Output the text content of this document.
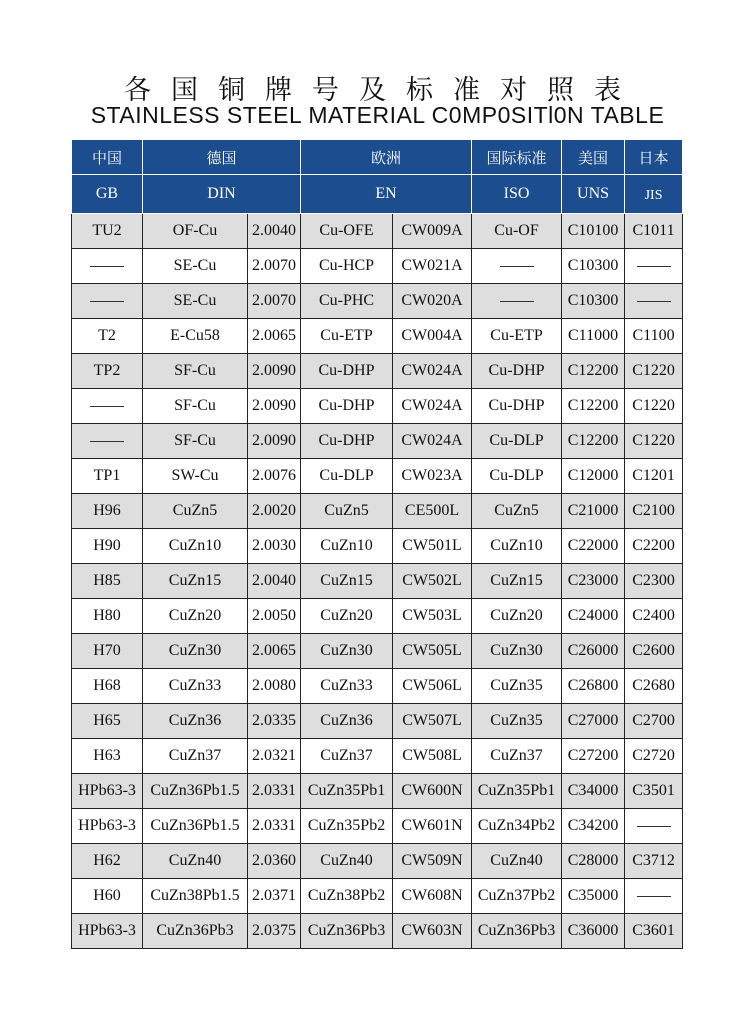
各国铜牌号及标准对照表
STAINLESS STEEL MATERIAL C0MP0SITl0N TABLE
中国	德国		欧洲		国际标准	美国	日本
GB	DIN		EN		ISO	UNS	JIS
TU2	OF-Cu	2.0040	Cu-OFE	CW009A	Cu-OF	C10100	C1011
	SE-Cu	2.0070	Cu-HCP	CW021A		C10300	
	SE-Cu	2.0070	Cu-PHC	CW020A		C10300	
T2	E-Cu58	2.0065	Cu-ETP	CW004A	Cu-ETP	C11000	C1100
TP2	SF-Cu	2.0090	Cu-DHP	CW024A	Cu-DHP	C12200	C1220
	SF-Cu	2.0090	Cu-DHP	CW024A	Cu-DHP	C12200	C1220
	SF-Cu	2.0090	Cu-DHP	CW024A	Cu-DLP	C12200	C1220
TP1	SW-Cu	2.0076	Cu-DLP	CW023A	Cu-DLP	C12000	C1201
H96	CuZn5	2.0020	CuZn5	CE500L	CuZn5	C21000	C2100
H90	CuZn10	2.0030	CuZn10	CW501L	CuZn10	C22000	C2200
H85	CuZn15	2.0040	CuZn15	CW502L	CuZn15	C23000	C2300
H80	CuZn20	2.0050	CuZn20	CW503L	CuZn20	C24000	C2400
H70	CuZn30	2.0065	CuZn30	CW505L	CuZn30	C26000	C2600
H68	CuZn33	2.0080	CuZn33	CW506L	CuZn35	C26800	C2680
H65	CuZn36	2.0335	CuZn36	CW507L	CuZn35	C27000	C2700
H63	CuZn37	2.0321	CuZn37	CW508L	CuZn37	C27200	C2720
HPb63-3	CuZn36Pb1.5	2.0331	CuZn35Pb1	CW600N	CuZn35Pb1	C34000	C3501
HPb63-3	CuZn36Pb1.5	2.0331	CuZn35Pb2	CW601N	CuZn34Pb2	C34200	
H62	CuZn40	2.0360	CuZn40	CW509N	CuZn40	C28000	C3712
H60	CuZn38Pb1.5	2.0371	CuZn38Pb2	CW608N	CuZn37Pb2	C35000	
HPb63-3	CuZn36Pb3	2.0375	CuZn36Pb3	CW603N	CuZn36Pb3	C36000	C3601
